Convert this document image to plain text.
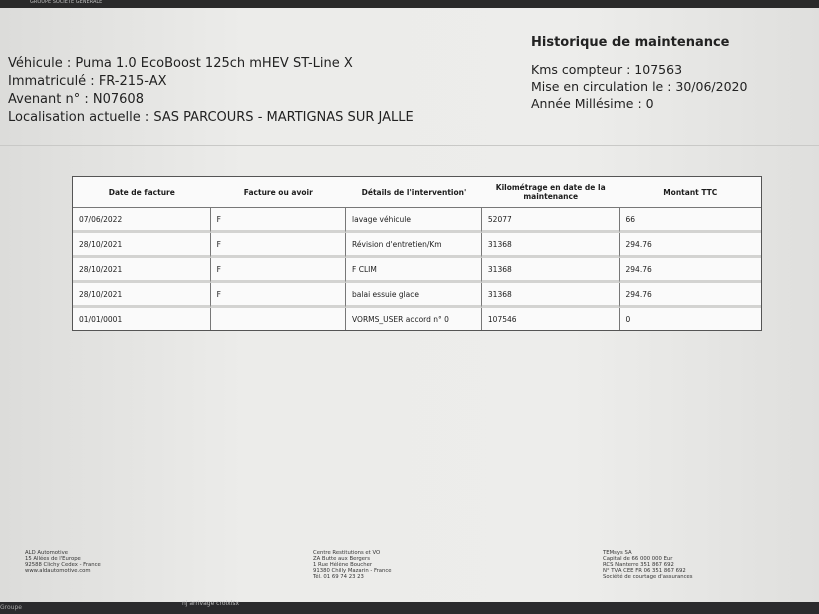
GROUPE SOCIETE GENERALE
Véhicule : Puma 1.0 EcoBoost 125ch mHEV ST-Line X
Immatriculé : FR-215-AX
Avenant n° : N07608
Localisation actuelle : SAS PARCOURS - MARTIGNAS SUR JALLE
Historique de maintenance
Kms compteur : 107563
Mise en circulation le : 30/06/2020
Année Millésime : 0
Date de facture	Facture ou avoir	Détails de l'intervention'	Kilométrage en date de la maintenance	Montant TTC
07/06/2022	F	lavage véhicule	52077	66
28/10/2021	F	Révision d'entretien/Km	31368	294.76
28/10/2021	F	F CLIM	31368	294.76
28/10/2021	F	balai essuie glace	31368	294.76
01/01/0001		VORMS_USER accord n° 0	107546	0
ALD Automotive
15 Allées de l'Europe
92588 Clichy Cedex - France
www.aldautomotive.com
Centre Restitutions et VO
ZA Butte aux Bergers
1 Rue Hélène Boucher
91380 Chilly Mazarin - France
Tél. 01 69 74 23 23
TEMsys SA
Capital de 66 000 000 Eur
RCS Nanterre 351 867 692
N° TVA CEE FR 06 351 867 692
Société de courtage d'assurances
nj arrivage croixlsx
Groupe
